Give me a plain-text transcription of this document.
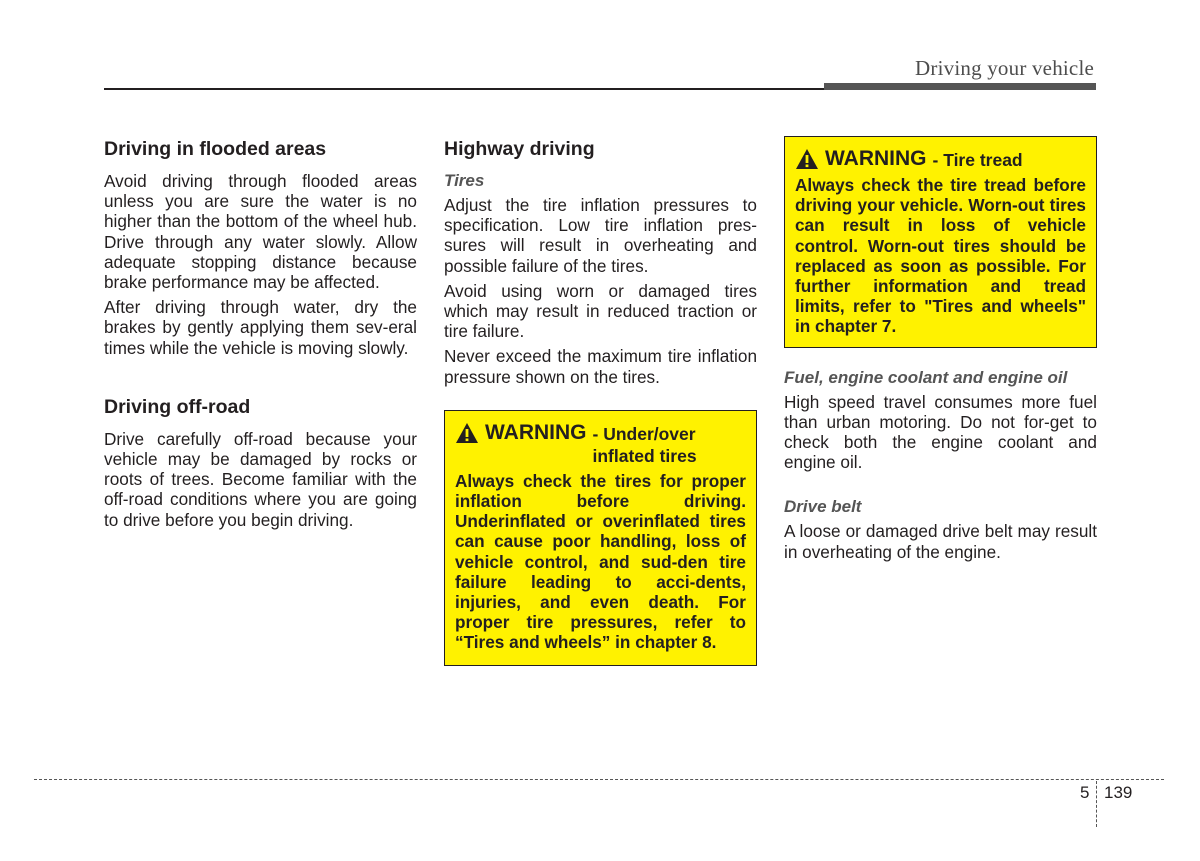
Driving your vehicle
Driving in flooded areas

Avoid driving through flooded areas unless you are sure the water is no higher than the bottom of the wheel hub. Drive through any water slowly. Allow adequate stopping distance because brake performance may be affected.

After driving through water, dry the brakes by gently applying them sev-eral times while the vehicle is moving slowly.

Driving off-road

Drive carefully off-road because your vehicle may be damaged by rocks or roots of trees. Become familiar with the off-road conditions where you are going to drive before you begin driving.

Highway driving
Tires

Adjust the tire inflation pressures to specification. Low tire inflation pres-sures will result in overheating and possible failure of the tires.

Avoid using worn or damaged tires which may result in reduced traction or tire failure.

Never exceed the maximum tire inflation pressure shown on the tires.

WARNING - Under/over inflated tires

Always check the tires for proper inflation before driving. Underinflated or overinflated tires can cause poor handling, loss of vehicle control, and sud-den tire failure leading to acci-dents, injuries, and even death. For proper tire pressures, refer to “Tires and wheels” in chapter 8.

WARNING - Tire tread

Always check the tire tread before driving your vehicle. Worn-out tires can result in loss of vehicle control. Worn-out tires should be replaced as soon as possible. For further information and tread limits, refer to "Tires and wheels" in chapter 7.

Fuel, engine coolant and engine oil

High speed travel consumes more fuel than urban motoring. Do not for-get to check both the engine coolant and engine oil.

Drive belt

A loose or damaged drive belt may result in overheating of the engine.

5 139
